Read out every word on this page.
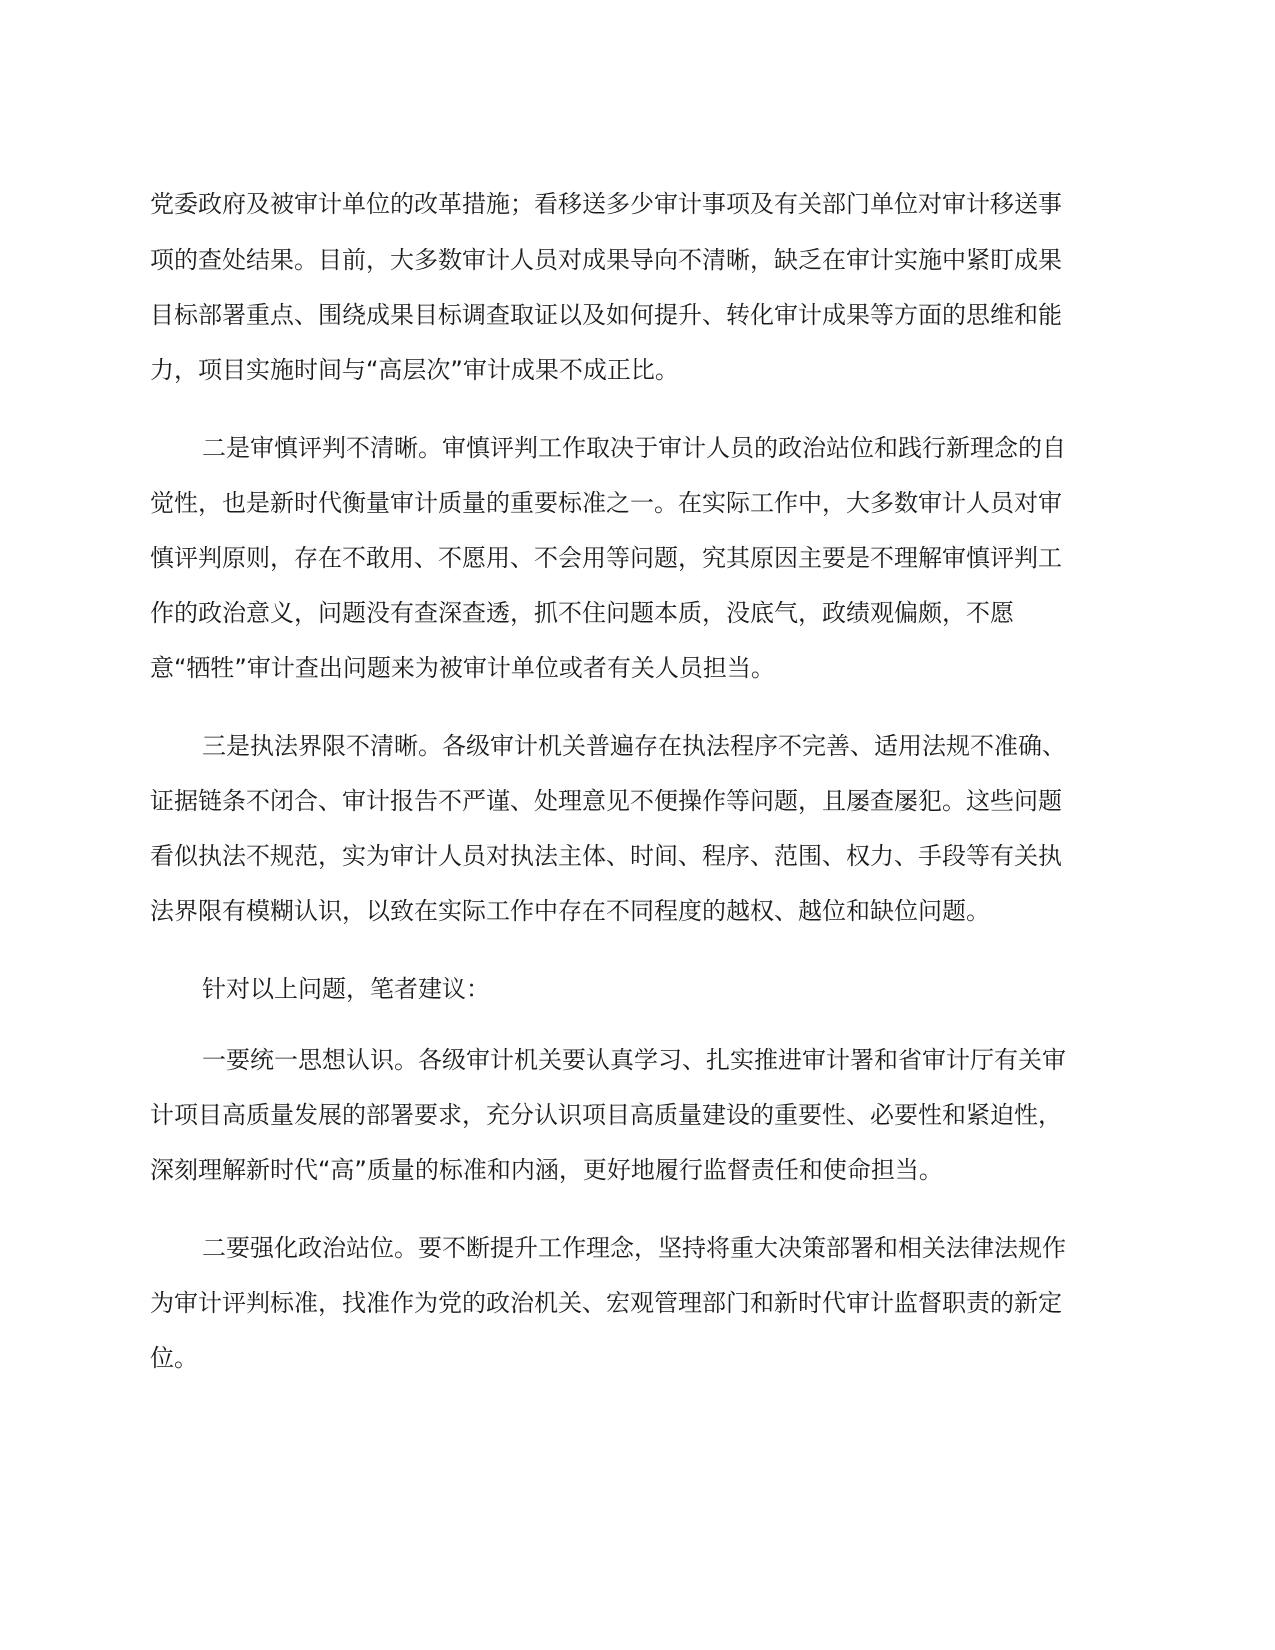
党委政府及被审计单位的改革措施；看移送多少审计事项及有关部门单位对审计移送事
项的查处结果。目前，大多数审计人员对成果导向不清晰，缺乏在审计实施中紧盯成果
目标部署重点、围绕成果目标调查取证以及如何提升、转化审计成果等方面的思维和能
力，项目实施时间与“高层次”审计成果不成正比。
二是审慎评判不清晰。审慎评判工作取决于审计人员的政治站位和践行新理念的自
觉性，也是新时代衡量审计质量的重要标准之一。在实际工作中，大多数审计人员对审
慎评判原则，存在不敢用、不愿用、不会用等问题，究其原因主要是不理解审慎评判工
作的政治意义，问题没有查深查透，抓不住问题本质，没底气，政绩观偏颇，不愿
意“牺牲”审计查出问题来为被审计单位或者有关人员担当。
三是执法界限不清晰。各级审计机关普遍存在执法程序不完善、适用法规不准确、
证据链条不闭合、审计报告不严谨、处理意见不便操作等问题，且屡查屡犯。这些问题
看似执法不规范，实为审计人员对执法主体、时间、程序、范围、权力、手段等有关执
法界限有模糊认识，以致在实际工作中存在不同程度的越权、越位和缺位问题。
针对以上问题，笔者建议：
一要统一思想认识。各级审计机关要认真学习、扎实推进审计署和省审计厅有关审
计项目高质量发展的部署要求，充分认识项目高质量建设的重要性、必要性和紧迫性，
深刻理解新时代“高”质量的标准和内涵，更好地履行监督责任和使命担当。
二要强化政治站位。要不断提升工作理念，坚持将重大决策部署和相关法律法规作
为审计评判标准，找准作为党的政治机关、宏观管理部门和新时代审计监督职责的新定
位。
